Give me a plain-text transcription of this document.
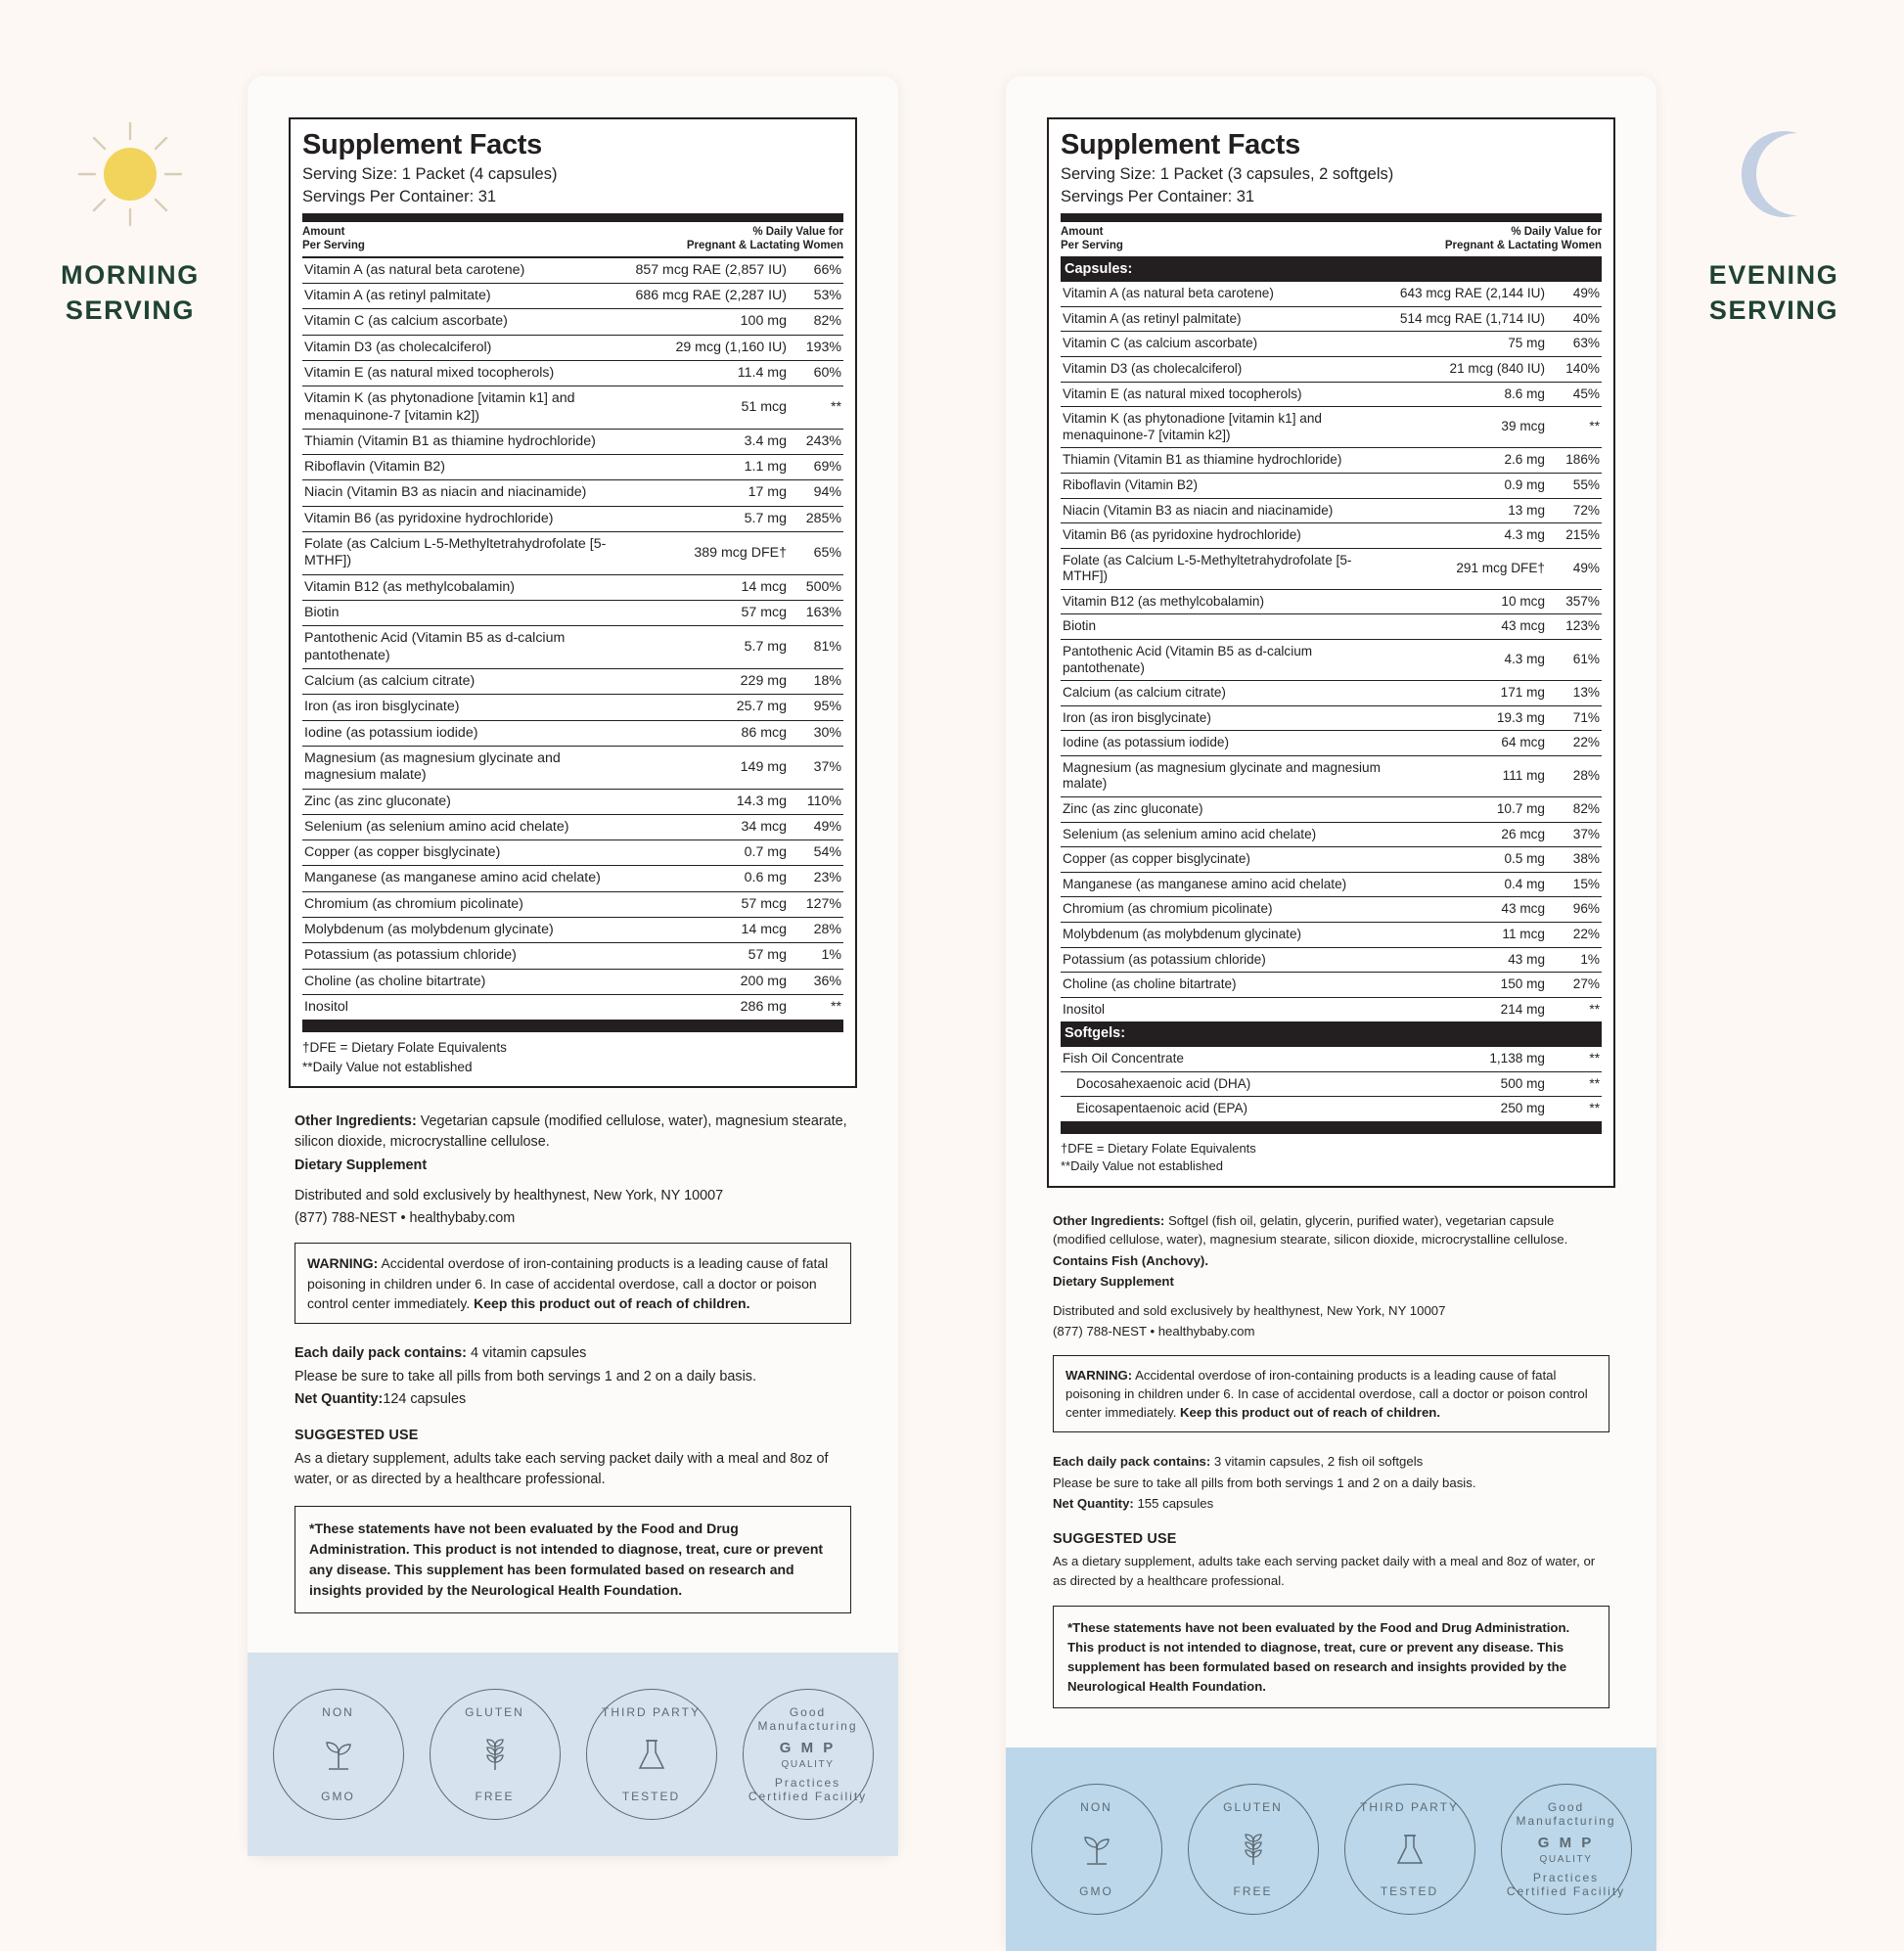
MORNING
SERVING
EVENING
SERVING
Supplement Facts
Serving Size: 1 Packet (4 capsules)
Servings Per Container: 31
Amount
Per Serving
% Daily Value for
Pregnant & Lactating Women
Vitamin A (as natural beta carotene)	857 mcg RAE (2,857 IU)	66%
Vitamin A (as retinyl palmitate)	686 mcg RAE (2,287 IU)	53%
Vitamin C (as calcium ascorbate)	100 mg	82%
Vitamin D3 (as cholecalciferol)	29 mcg (1,160 IU)	193%
Vitamin E (as natural mixed tocopherols)	11.4 mg	60%
Vitamin K (as phytonadione [vitamin k1] and menaquinone-7 [vitamin k2])	51 mcg	**
Thiamin (Vitamin B1 as thiamine hydrochloride)	3.4 mg	243%
Riboflavin (Vitamin B2)	1.1 mg	69%
Niacin (Vitamin B3 as niacin and niacinamide)	17 mg	94%
Vitamin B6 (as pyridoxine hydrochloride)	5.7 mg	285%
Folate (as Calcium L-5-Methyltetrahydrofolate [5-MTHF])	389 mcg DFE†	65%
Vitamin B12 (as methylcobalamin)	14 mcg	500%
Biotin	57 mcg	163%
Pantothenic Acid (Vitamin B5 as d-calcium pantothenate)	5.7 mg	81%
Calcium (as calcium citrate)	229 mg	18%
Iron (as iron bisglycinate)	25.7 mg	95%
Iodine (as potassium iodide)	86 mcg	30%
Magnesium (as magnesium glycinate and magnesium malate)	149 mg	37%
Zinc (as zinc gluconate)	14.3 mg	110%
Selenium (as selenium amino acid chelate)	34 mcg	49%
Copper (as copper bisglycinate)	0.7 mg	54%
Manganese (as manganese amino acid chelate)	0.6 mg	23%
Chromium (as chromium picolinate)	57 mcg	127%
Molybdenum (as molybdenum glycinate)	14 mcg	28%
Potassium (as potassium chloride)	57 mg	1%
Choline (as choline bitartrate)	200 mg	36%
Inositol	286 mg	**
†DFE = Dietary Folate Equivalents
**Daily Value not established

Other Ingredients: Vegetarian capsule (modified cellulose, water), magnesium stearate, silicon dioxide, microcrystalline cellulose.

Dietary Supplement

Distributed and sold exclusively by healthynest, New York, NY 10007

(877) 788-NEST • healthybaby.com

WARNING: Accidental overdose of iron-containing products is a leading cause of fatal poisoning in children under 6. In case of accidental overdose, call a doctor or poison control center immediately. Keep this product out of reach of children.

Each daily pack contains: 4 vitamin capsules

Please be sure to take all pills from both servings 1 and 2 on a daily basis.

Net Quantity:124 capsules

SUGGESTED USE

As a dietary supplement, adults take each serving packet daily with a meal and 8oz of water, or as directed by a healthcare professional.

*These statements have not been evaluated by the Food and Drug Administration. This product is not intended to diagnose, treat, cure or prevent any disease. This supplement has been formulated based on research and insights provided by the Neurological Health Foundation.
NON
GMO
GLUTEN
FREE
THIRD PARTY
TESTED
Good Manufacturing
G M P
QUALITY
Practices Certified Facility
Supplement Facts
Serving Size: 1 Packet (3 capsules, 2 softgels)
Servings Per Container: 31
Amount
Per Serving
% Daily Value for
Pregnant & Lactating Women
Capsules:		
Vitamin A (as natural beta carotene)	643 mcg RAE (2,144 IU)	49%
Vitamin A (as retinyl palmitate)	514 mcg RAE (1,714 IU)	40%
Vitamin C (as calcium ascorbate)	75 mg	63%
Vitamin D3 (as cholecalciferol)	21 mcg (840 IU)	140%
Vitamin E (as natural mixed tocopherols)	8.6 mg	45%
Vitamin K (as phytonadione [vitamin k1] and menaquinone-7 [vitamin k2])	39 mcg	**
Thiamin (Vitamin B1 as thiamine hydrochloride)	2.6 mg	186%
Riboflavin (Vitamin B2)	0.9 mg	55%
Niacin (Vitamin B3 as niacin and niacinamide)	13 mg	72%
Vitamin B6 (as pyridoxine hydrochloride)	4.3 mg	215%
Folate (as Calcium L-5-Methyltetrahydrofolate [5-MTHF])	291 mcg DFE†	49%
Vitamin B12 (as methylcobalamin)	10 mcg	357%
Biotin	43 mcg	123%
Pantothenic Acid (Vitamin B5 as d-calcium pantothenate)	4.3 mg	61%
Calcium (as calcium citrate)	171 mg	13%
Iron (as iron bisglycinate)	19.3 mg	71%
Iodine (as potassium iodide)	64 mcg	22%
Magnesium (as magnesium glycinate and magnesium malate)	111 mg	28%
Zinc (as zinc gluconate)	10.7 mg	82%
Selenium (as selenium amino acid chelate)	26 mcg	37%
Copper (as copper bisglycinate)	0.5 mg	38%
Manganese (as manganese amino acid chelate)	0.4 mg	15%
Chromium (as chromium picolinate)	43 mcg	96%
Molybdenum (as molybdenum glycinate)	11 mcg	22%
Potassium (as potassium chloride)	43 mg	1%
Choline (as choline bitartrate)	150 mg	27%
Inositol	214 mg	**
Softgels:		
Fish Oil Concentrate	1,138 mg	**
Docosahexaenoic acid (DHA)	500 mg	**
Eicosapentaenoic acid (EPA)	250 mg	**
†DFE = Dietary Folate Equivalents
**Daily Value not established

Other Ingredients: Softgel (fish oil, gelatin, glycerin, purified water), vegetarian capsule (modified cellulose, water), magnesium stearate, silicon dioxide, microcrystalline cellulose.

Contains Fish (Anchovy).

Dietary Supplement

Distributed and sold exclusively by healthynest, New York, NY 10007

(877) 788-NEST • healthybaby.com

WARNING: Accidental overdose of iron-containing products is a leading cause of fatal poisoning in children under 6. In case of accidental overdose, call a doctor or poison control center immediately. Keep this product out of reach of children.

Each daily pack contains: 3 vitamin capsules, 2 fish oil softgels

Please be sure to take all pills from both servings 1 and 2 on a daily basis.

Net Quantity: 155 capsules

SUGGESTED USE

As a dietary supplement, adults take each serving packet daily with a meal and 8oz of water, or as directed by a healthcare professional.

*These statements have not been evaluated by the Food and Drug Administration. This product is not intended to diagnose, treat, cure or prevent any disease. This supplement has been formulated based on research and insights provided by the Neurological Health Foundation.
NON
GMO
GLUTEN
FREE
THIRD PARTY
TESTED
Good Manufacturing
G M P
QUALITY
Practices Certified Facility
